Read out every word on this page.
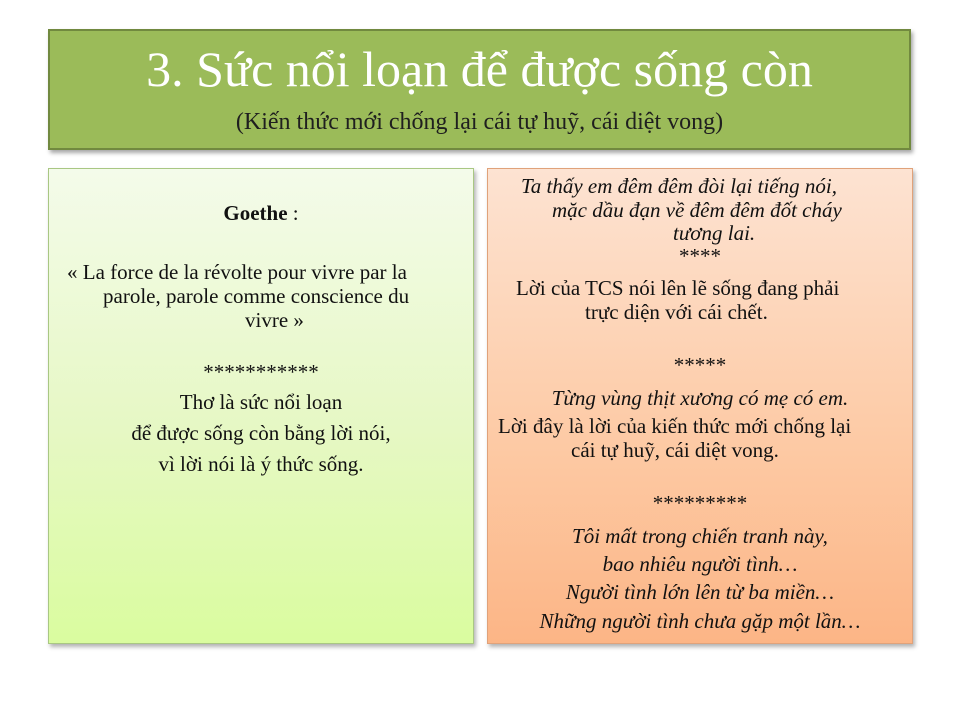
3. Sức nổi loạn để được sống còn
(Kiến thức mới chống lại cái tự huỹ, cái diệt vong)
Goethe :
« La force de la révolte pour vivre par la
parole, parole comme conscience du
vivre »
***********
Thơ là sức nổi loạn
để được sống còn bằng lời nói,
vì lời nói là ý thức sống.
Ta thấy em đêm đêm đòi lại tiếng nói,
mặc dầu đạn về đêm đêm đốt cháy
tương lai.
****
Lời của TCS nói lên lẽ sống đang phải
trực diện với cái chết.
*****
Từng vùng thịt xương có mẹ có em.
Lời đây là lời của kiến thức mới chống lại
cái tự huỹ, cái diệt vong.
*********
Tôi mất trong chiến tranh này,
bao nhiêu người tình…
Người tình lớn lên từ ba miền…
Những người tình chưa gặp một lần…
